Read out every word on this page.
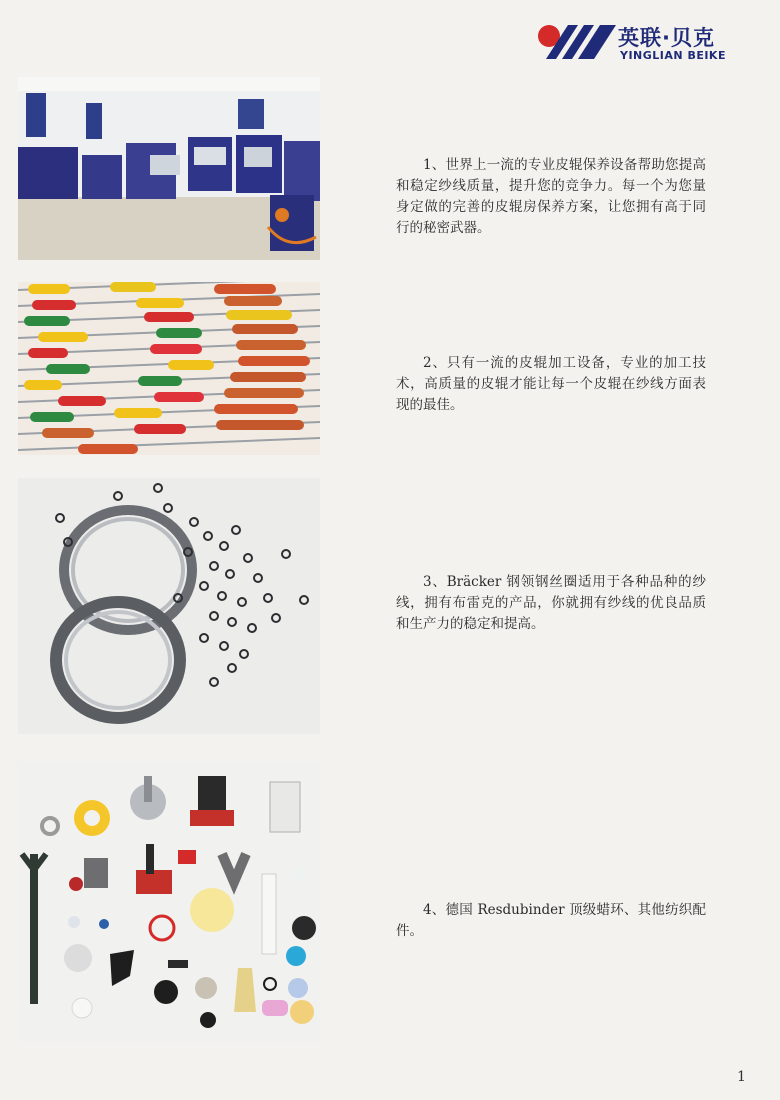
英联·贝克
YINGLIAN BEIKE

1、世界上一流的专业皮辊保养设备帮助您提高和稳定纱线质量，提升您的竞争力。每一个为您量身定做的完善的皮辊房保养方案，让您拥有高于同行的秘密武器。

2、只有一流的皮辊加工设备，专业的加工技术，高质量的皮辊才能让每一个皮辊在纱线方面表现的最佳。

3、Bräcker 钢领钢丝圈适用于各种品种的纱线，拥有布雷克的产品，你就拥有纱线的优良品质和生产力的稳定和提高。

4、德国 Resdubinder 顶级蜡环、其他纺织配件。

1
